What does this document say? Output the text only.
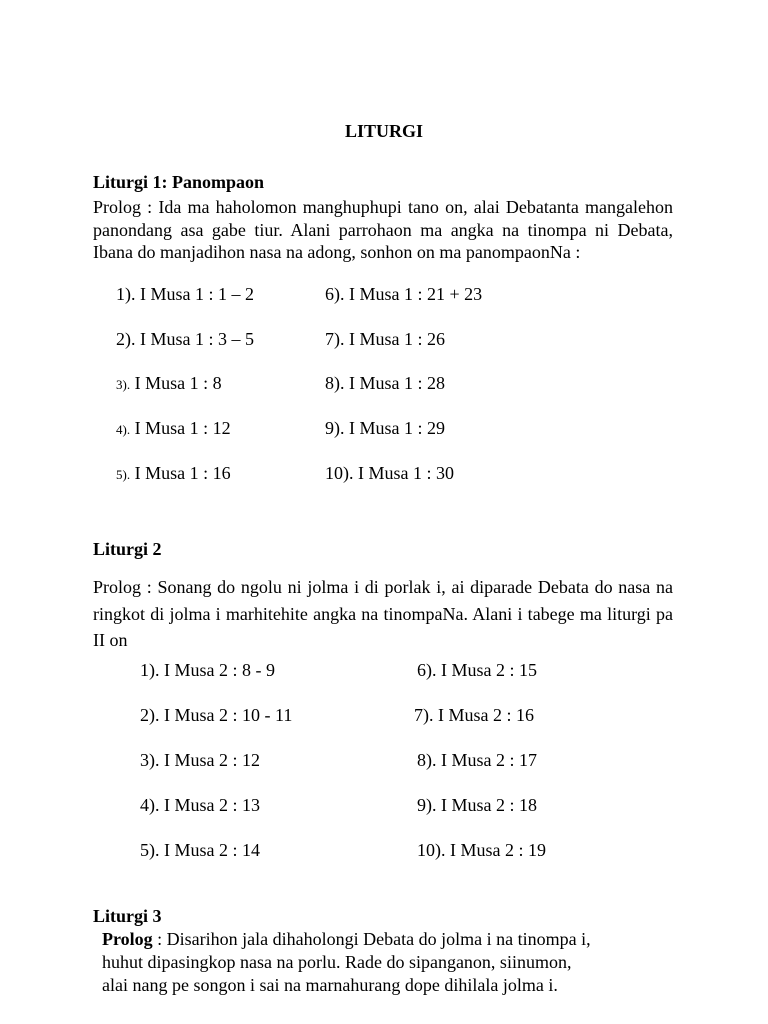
LITURGI
Liturgi 1: Panompaon
Prolog : Ida ma haholomon manghuphupi tano on, alai Debatanta mangalehon panondang asa gabe tiur. Alani parrohaon ma angka na tinompa ni Debata, Ibana do manjadihon nasa na adong, sonhon on ma panompaonNa :
1). I Musa 1 : 1 – 2
2). I Musa 1 : 3 – 5
3). I Musa 1 : 8
4). I Musa 1 : 12
5). I Musa 1 : 16
6). I Musa 1 : 21 + 23
7). I Musa 1 : 26
8). I Musa 1 : 28
9). I Musa 1 : 29
10). I Musa 1 : 30
Liturgi 2
Prolog : Sonang do ngolu ni jolma i di porlak i, ai diparade Debata do nasa na ringkot di jolma i marhitehite angka na tinompaNa. Alani i tabege ma liturgi pa II on
1). I Musa 2 : 8 - 9
2). I Musa 2 : 10 - 11
3). I Musa 2 : 12
4). I Musa 2 : 13
5). I Musa 2 : 14
6). I Musa 2 : 15
7). I Musa 2 : 16
8). I Musa 2 : 17
9). I Musa 2 : 18
10). I Musa 2 : 19
Liturgi 3
Prolog : Disarihon jala dihaholongi Debata do jolma i na tinompa i,
huhut dipasingkop nasa na porlu. Rade do sipanganon, siinumon,
alai nang pe songon i sai na marnahurang dope dihilala jolma i.
